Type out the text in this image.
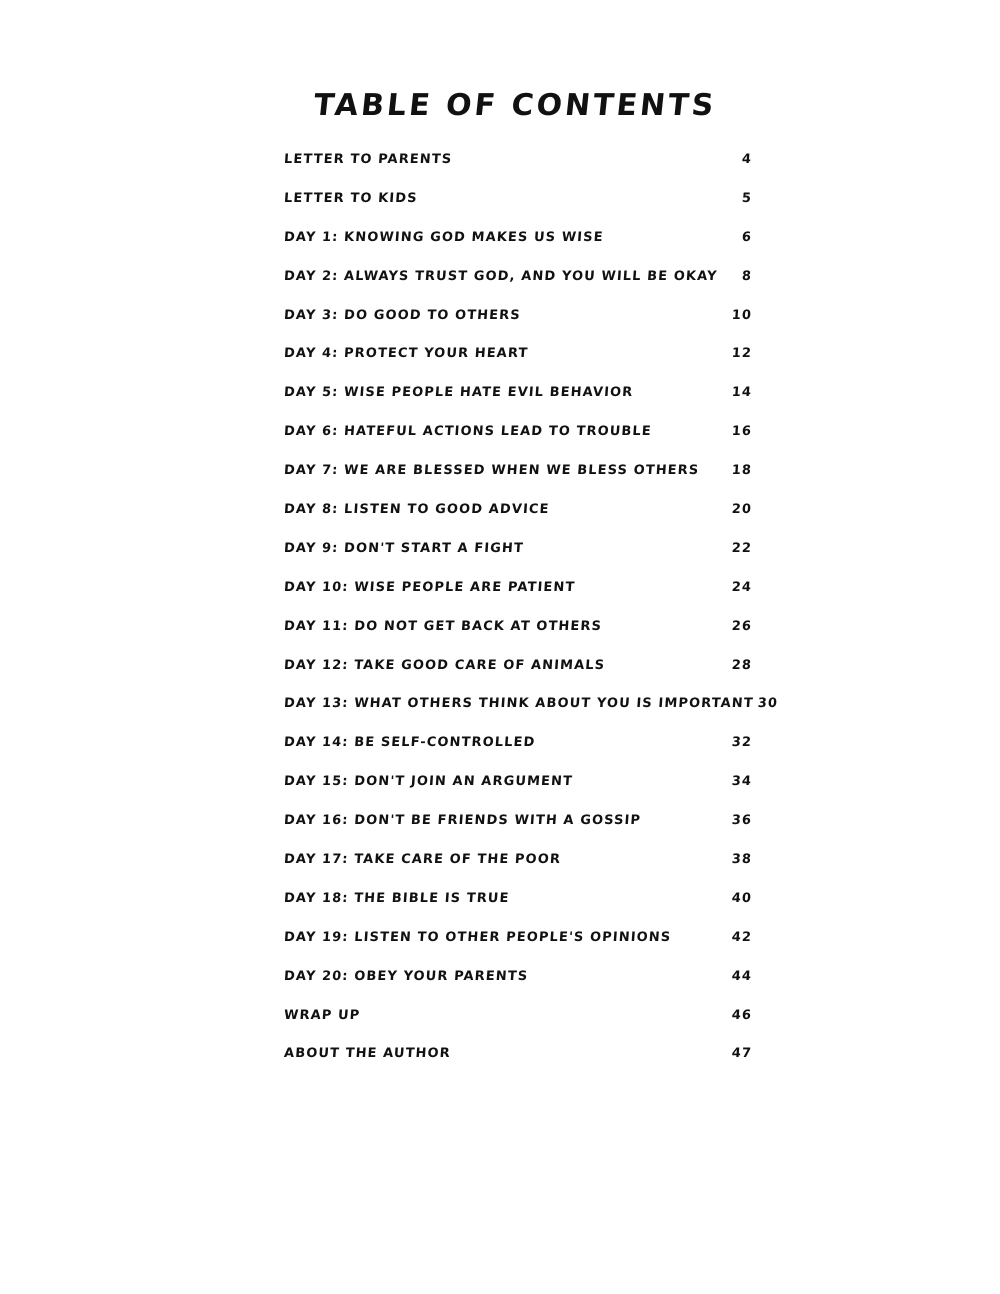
TABLE OF CONTENTS
LETTER TO PARENTS	4
LETTER TO KIDS	5
DAY 1: KNOWING GOD MAKES US WISE	6
DAY 2: ALWAYS TRUST GOD, AND YOU WILL BE OKAY	8
DAY 3: DO GOOD TO OTHERS	10
DAY 4: PROTECT YOUR HEART	12
DAY 5: WISE PEOPLE HATE EVIL BEHAVIOR	14
DAY 6: HATEFUL ACTIONS LEAD TO TROUBLE	16
DAY 7: WE ARE BLESSED WHEN WE BLESS OTHERS	18
DAY 8: LISTEN TO GOOD ADVICE	20
DAY 9: DON'T START A FIGHT	22
DAY 10: WISE PEOPLE ARE PATIENT	24
DAY 11: DO NOT GET BACK AT OTHERS	26
DAY 12: TAKE GOOD CARE OF ANIMALS	28
DAY 13: WHAT OTHERS THINK ABOUT YOU IS IMPORTANT 30
DAY 14: BE SELF-CONTROLLED	32
DAY 15: DON'T JOIN AN ARGUMENT	34
DAY 16: DON'T BE FRIENDS WITH A GOSSIP	36
DAY 17: TAKE CARE OF THE POOR	38
DAY 18: THE BIBLE IS TRUE	40
DAY 19: LISTEN TO OTHER PEOPLE'S OPINIONS	42
DAY 20: OBEY YOUR PARENTS	44
WRAP UP	46
ABOUT THE AUTHOR	47
